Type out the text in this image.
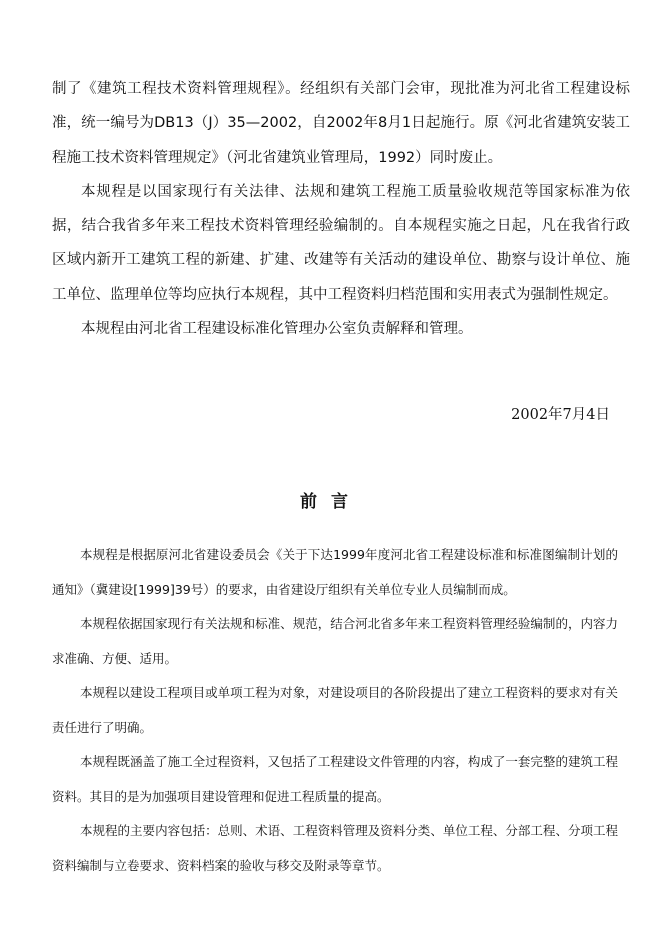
制了《建筑工程技术资料管理规程》。经组织有关部门会审，现批准为河北省工程建设标准，统一编号为DB13（J）35—2002，自2002年8月1日起施行。原《河北省建筑安装工程施工技术资料管理规定》（河北省建筑业管理局，1992）同时废止。

本规程是以国家现行有关法律、法规和建筑工程施工质量验收规范等国家标准为依据，结合我省多年来工程技术资料管理经验编制的。自本规程实施之日起，凡在我省行政区域内新开工建筑工程的新建、扩建、改建等有关活动的建设单位、勘察与设计单位、施工单位、监理单位等均应执行本规程，其中工程资料归档范围和实用表式为强制性规定。

本规程由河北省工程建设标准化管理办公室负责解释和管理。

2002年7月4日
前言

本规程是根据原河北省建设委员会《关于下达1999年度河北省工程建设标准和标准图编制计划的通知》（冀建设[1999]39号）的要求，由省建设厅组织有关单位专业人员编制而成。

本规程依据国家现行有关法规和标准、规范，结合河北省多年来工程资料管理经验编制的，内容力求准确、方便、适用。

本规程以建设工程项目或单项工程为对象，对建设项目的各阶段提出了建立工程资料的要求对有关责任进行了明确。

本规程既涵盖了施工全过程资料，又包括了工程建设文件管理的内容，构成了一套完整的建筑工程资料。其目的是为加强项目建设管理和促进工程质量的提高。

本规程的主要内容包括：总则、术语、工程资料管理及资料分类、单位工程、分部工程、分项工程资料编制与立卷要求、资料档案的验收与移交及附录等章节。
